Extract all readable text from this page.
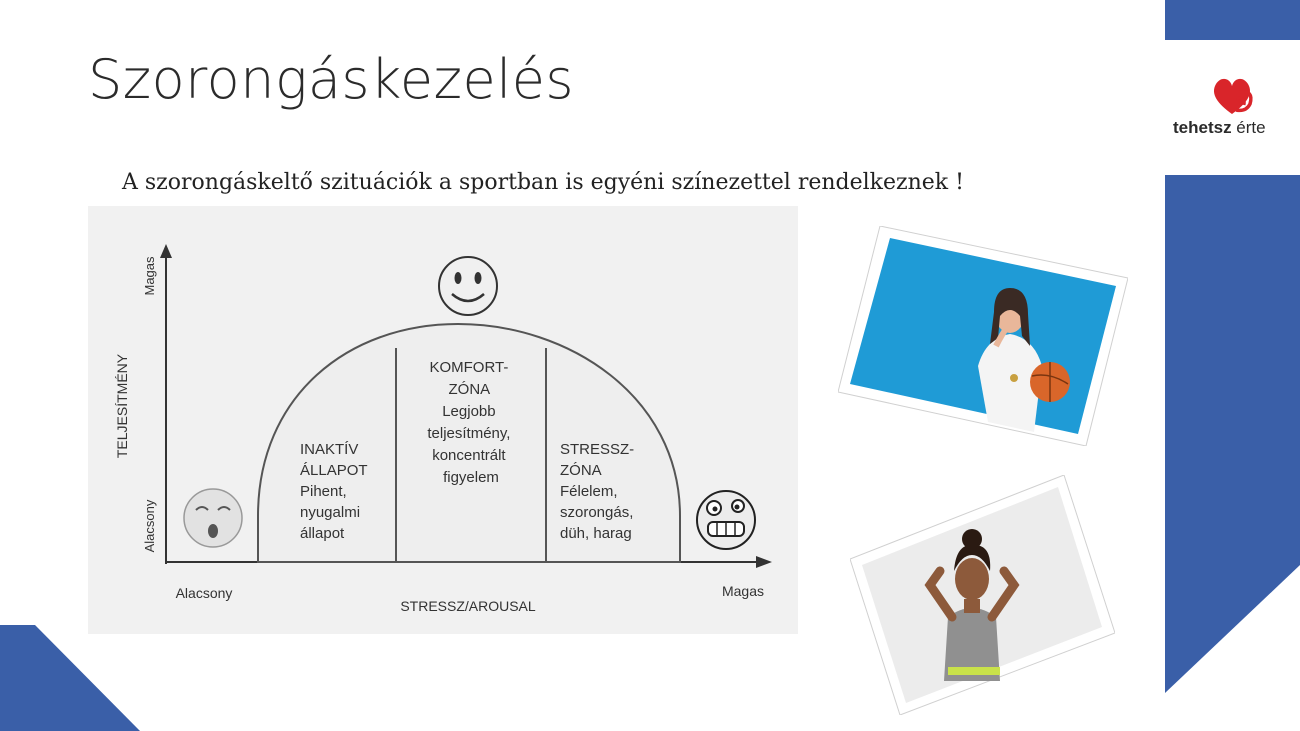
Szorongáskezelés
tehetsz érte
A szorongáskeltő szituációk a sportban is egyéni színezettel rendelkeznek !
Magas
TELJESÍTMÉNY
Alacsony
Alacsony
STRESSZ/AROUSAL
Magas
INAKTÍV ÁLLAPOT Pihent, nyugalmi állapot
KOMFORT- ZÓNA Legjobb teljesítmény, koncentrált figyelem
STRESSZ- ZÓNA Félelem, szorongás, düh, harag
